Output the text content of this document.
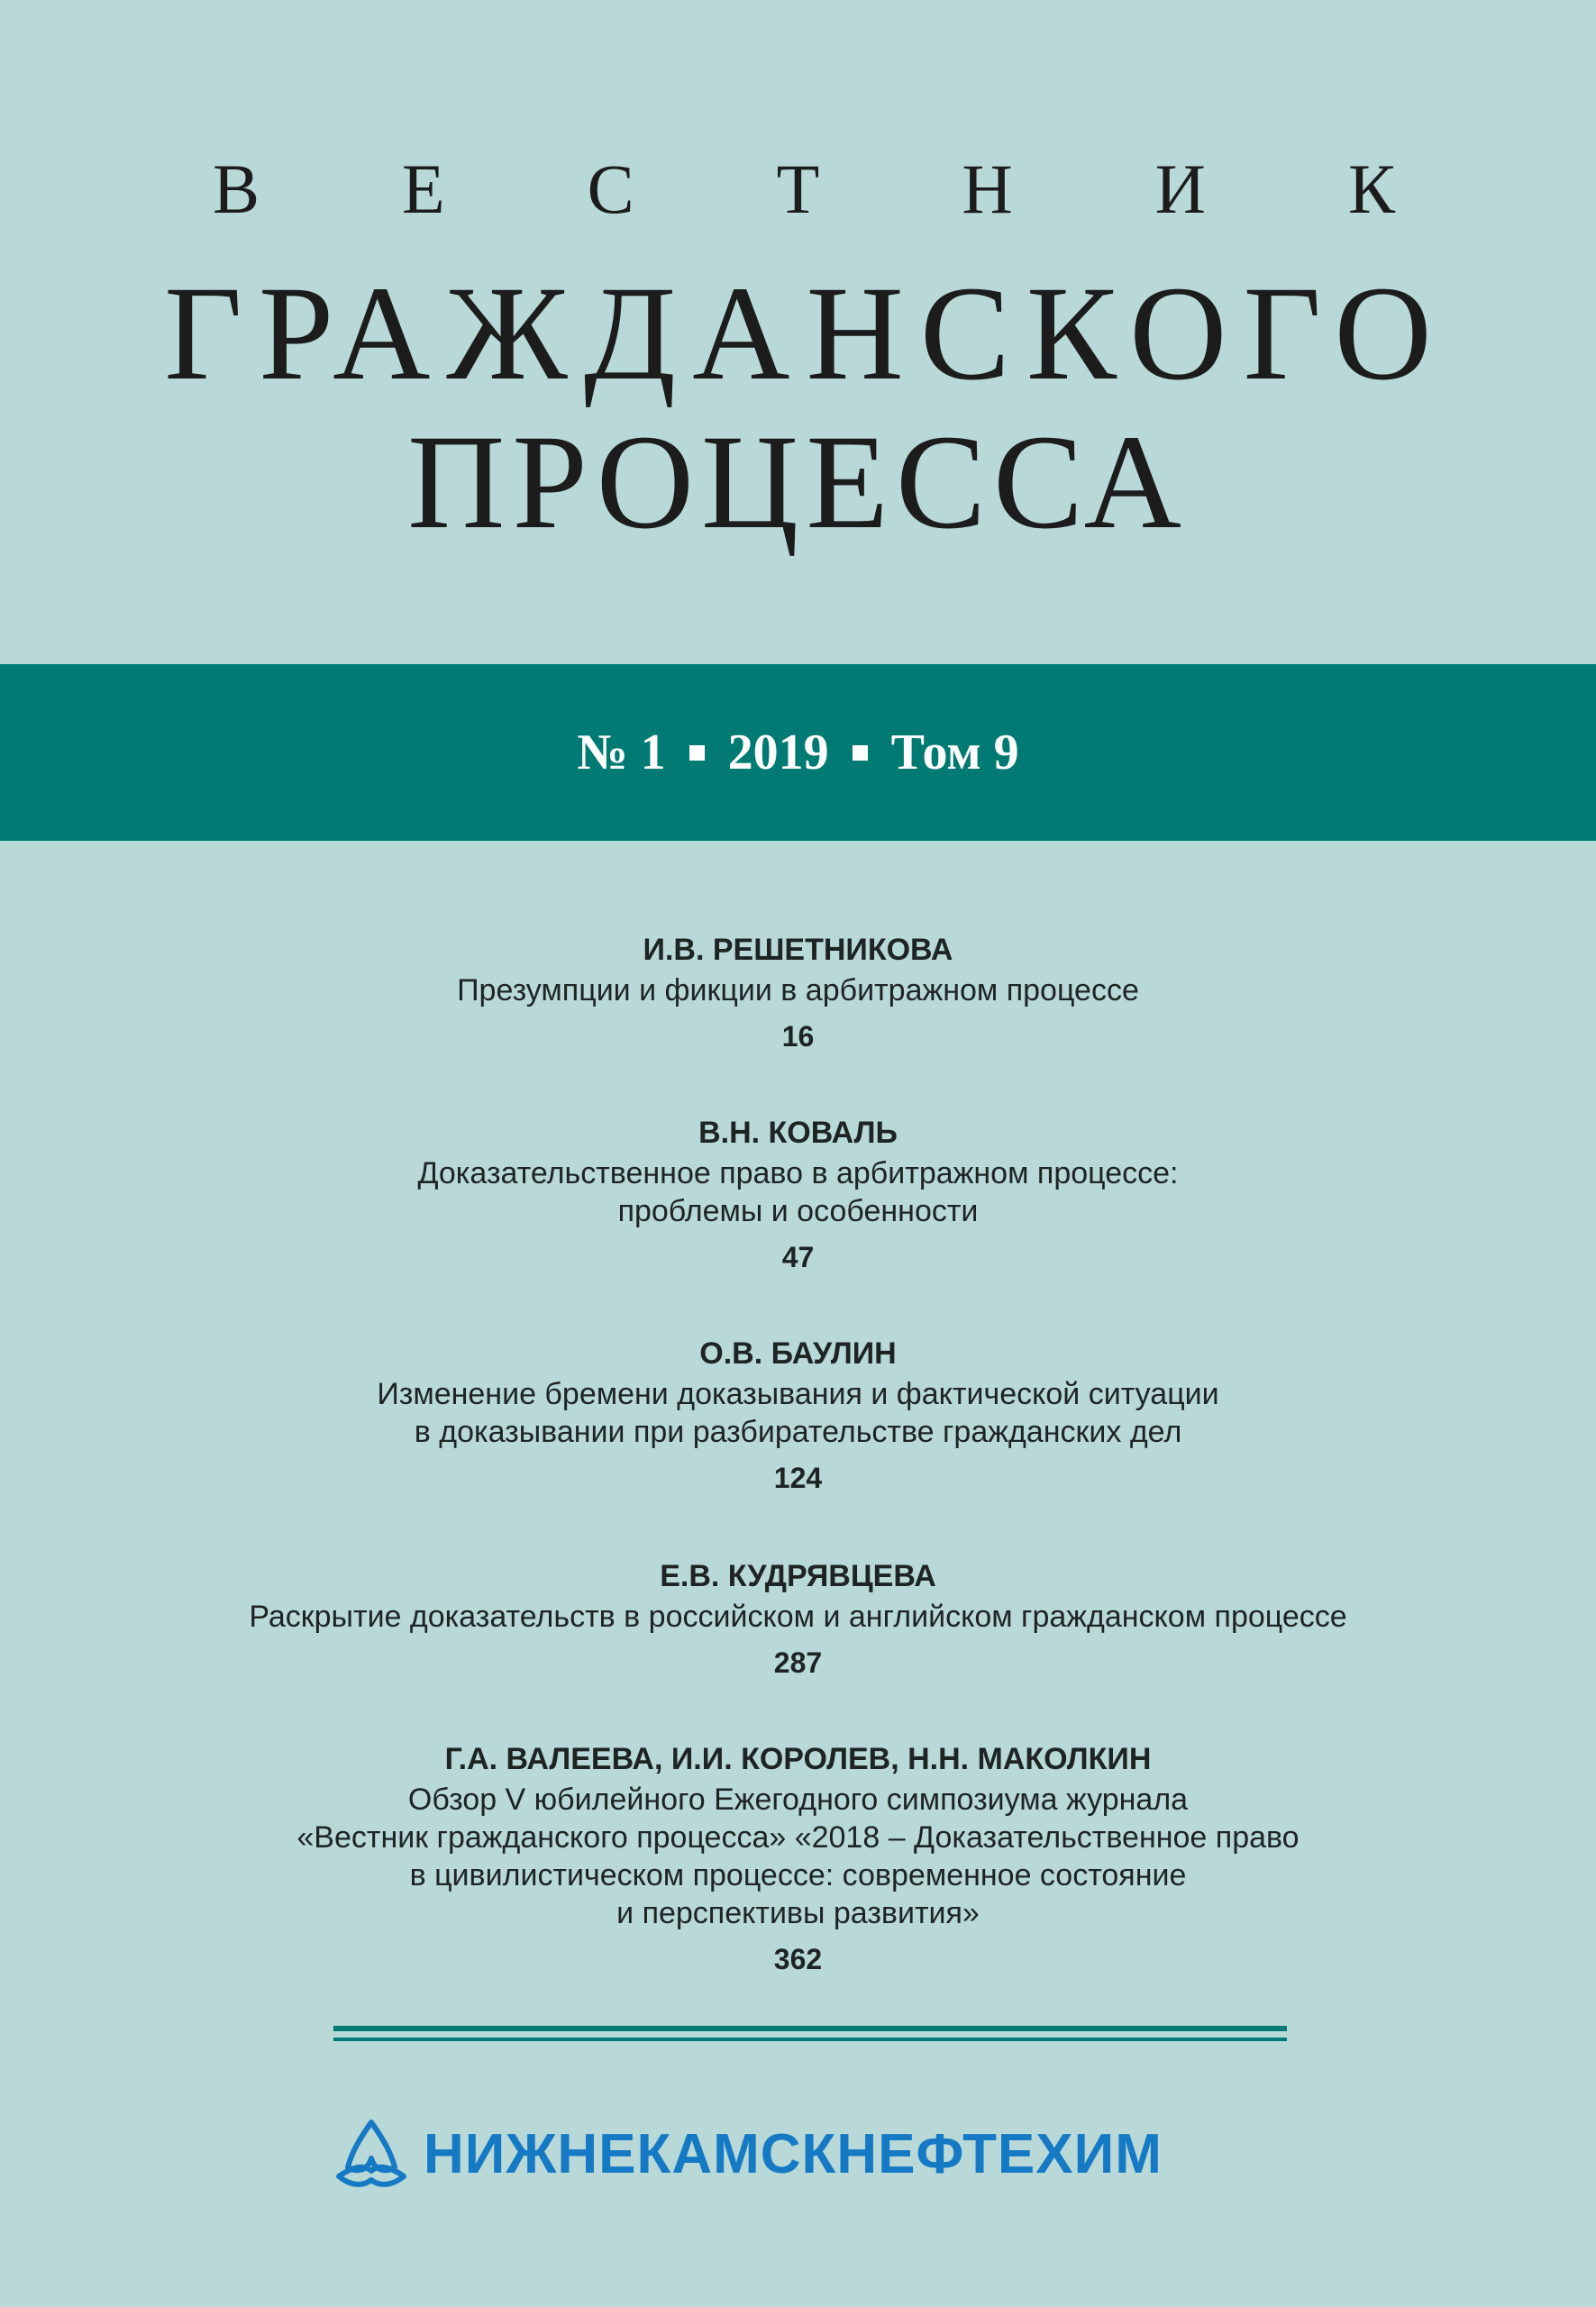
В Е С Т Н И К
ГРАЖДАНСКОГО
ПРОЦЕССА
№ 1 2019 Том 9
И.В. РЕШЕТНИКОВА
Презумпции и фикции в арбитражном процессе
16
В.Н. КОВАЛЬ
Доказательственное право в арбитражном процессе:
проблемы и особенности
47
О.В. БАУЛИН
Изменение бремени доказывания и фактической ситуации
в доказывании при разбирательстве гражданских дел
124
Е.В. КУДРЯВЦЕВА
Раскрытие доказательств в российском и английском гражданском процессе
287
Г.А. ВАЛЕЕВА, И.И. КОРОЛЕВ, Н.Н. МАКОЛКИН
Обзор V юбилейного Ежегодного симпозиума журнала
«Вестник гражданского процесса» «2018 – Доказательственное право
в цивилистическом процессе: современное состояние
и перспективы развития»
362
НИЖНЕКАМСКНЕФТЕХИМ
